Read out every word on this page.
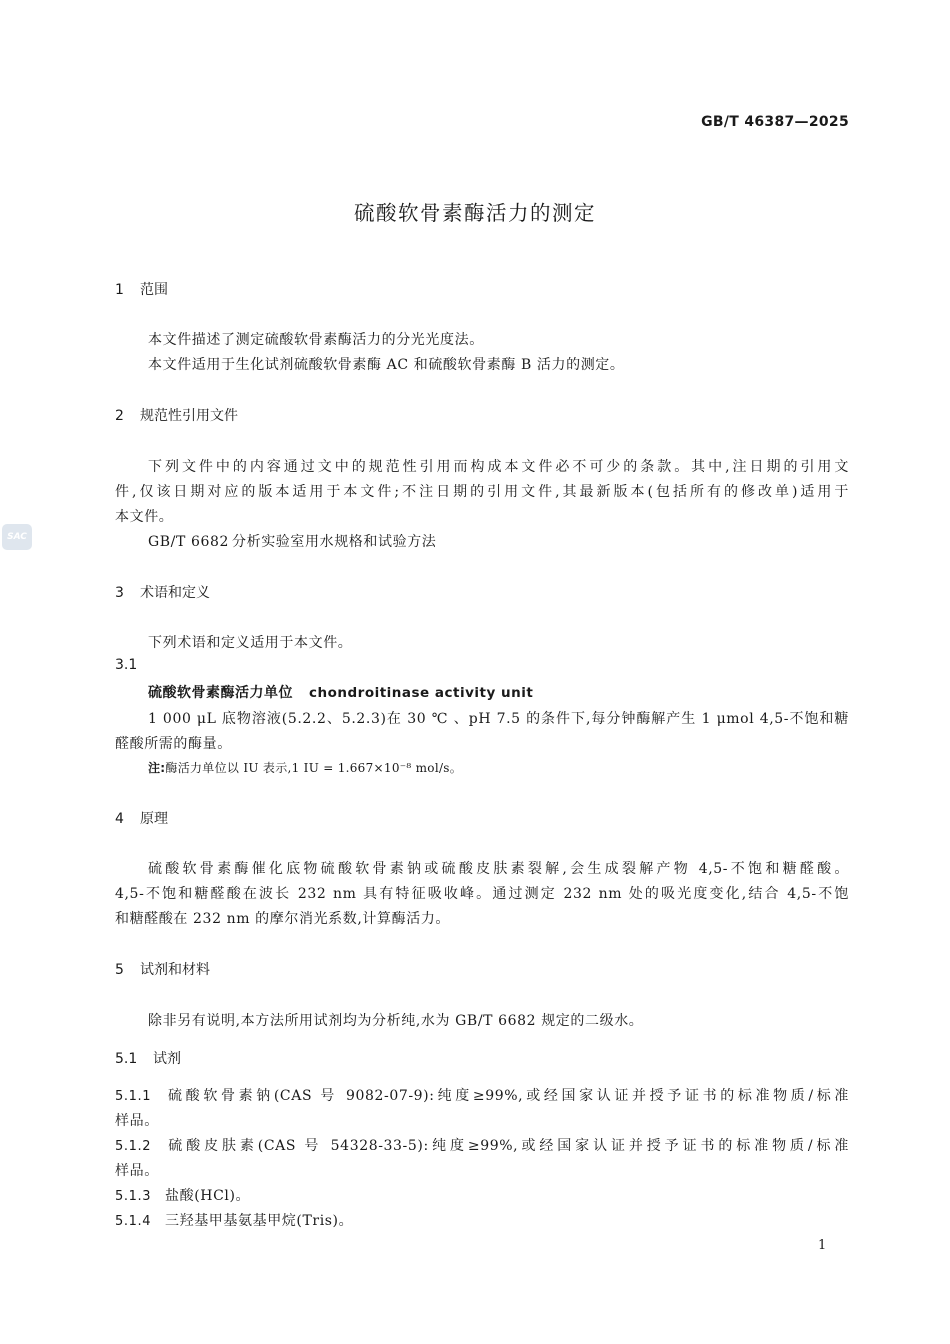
SAC
GB/T 46387—2025
硫酸软骨素酶活力的测定
1 范围
本文件描述了测定硫酸软骨素酶活力的分光光度法。
本文件适用于生化试剂硫酸软骨素酶 AC 和硫酸软骨素酶 B 活力的测定。
2 规范性引用文件
下列文件中的内容通过文中的规范性引用而构成本文件必不可少的条款。其中,注日期的引用文
件,仅该日期对应的版本适用于本文件;不注日期的引用文件,其最新版本(包括所有的修改单)适用于
本文件。
GB/T 6682 分析实验室用水规格和试验方法
3 术语和定义
下列术语和定义适用于本文件。
3.1
硫酸软骨素酶活力单位 chondroitinase activity unit
1 000 μL 底物溶液(5.2.2、5.2.3)在 30 ℃ 、pH 7.5 的条件下,每分钟酶解产生 1 μmol 4,5-不饱和糖
醛酸所需的酶量。
注:酶活力单位以 IU 表示,1 IU = 1.667×10⁻⁸ mol/s。
4 原理
硫酸软骨素酶催化底物硫酸软骨素钠或硫酸皮肤素裂解,会生成裂解产物 4,5-不饱和糖醛酸。
4,5-不饱和糖醛酸在波长 232 nm 具有特征吸收峰。通过测定 232 nm 处的吸光度变化,结合 4,5-不饱
和糖醛酸在 232 nm 的摩尔消光系数,计算酶活力。
5 试剂和材料
除非另有说明,本方法所用试剂均为分析纯,水为 GB/T 6682 规定的二级水。
5.1 试剂
5.1.1 硫酸软骨素钠(CAS 号 9082-07-9):纯度≥99%,或经国家认证并授予证书的标准物质/标准
样品。
5.1.2 硫酸皮肤素(CAS 号 54328-33-5):纯度≥99%,或经国家认证并授予证书的标准物质/标准
样品。
5.1.3 盐酸(HCl)。
5.1.4 三羟基甲基氨基甲烷(Tris)。
1
